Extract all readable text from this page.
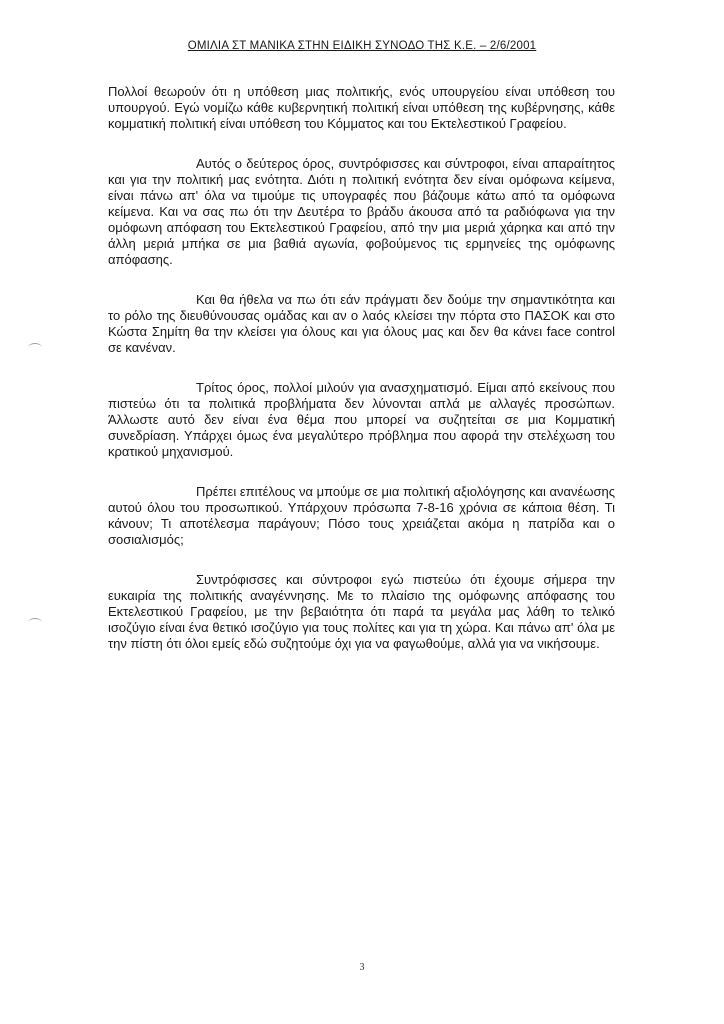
ΟΜΙΛΙΑ ΣΤ ΜΑΝΙΚΑ ΣΤΗΝ ΕΙΔΙΚΗ ΣΥΝΟΔΟ ΤΗΣ Κ.Ε. – 2/6/2001

Πολλοί θεωρούν ότι η υπόθεση μιας πολιτικής, ενός υπουργείου είναι υπόθεση του υπουργού. Εγώ νομίζω κάθε κυβερνητική πολιτική είναι υπόθεση της κυβέρνησης, κάθε κομματική πολιτική είναι υπόθεση του Κόμματος και του Εκτελεστικού Γραφείου.

Αυτός ο δεύτερος όρος, συντρόφισσες και σύντροφοι, είναι απαραίτητος και για την πολιτική μας ενότητα. Διότι η πολιτική ενότητα δεν είναι ομόφωνα κείμενα, είναι πάνω απ' όλα να τιμούμε τις υπογραφές που βάζουμε κάτω από τα ομόφωνα κείμενα. Και να σας πω ότι την Δευτέρα το βράδυ άκουσα από τα ραδιόφωνα για την ομόφωνη απόφαση του Εκτελεστικού Γραφείου, από την μια μεριά χάρηκα και από την άλλη μεριά μπήκα σε μια βαθιά αγωνία, φοβούμενος τις ερμηνείες της ομόφωνης απόφασης.

Και θα ήθελα να πω ότι εάν πράγματι δεν δούμε την σημαντικότητα και το ρόλο της διευθύνουσας ομάδας και αν ο λαός κλείσει την πόρτα στο ΠΑΣΟΚ και στο Κώστα Σημίτη θα την κλείσει για όλους και για όλους μας και δεν θα κάνει face control σε κανέναν.

Τρίτος όρος, πολλοί μιλούν για ανασχηματισμό. Είμαι από εκείνους που πιστεύω ότι τα πολιτικά προβλήματα δεν λύνονται απλά με αλλαγές προσώπων. Άλλωστε αυτό δεν είναι ένα θέμα που μπορεί να συζητείται σε μια Κομματική συνεδρίαση. Υπάρχει όμως ένα μεγαλύτερο πρόβλημα που αφορά την στελέχωση του κρατικού μηχανισμού.

Πρέπει επιτέλους να μπούμε σε μια πολιτική αξιολόγησης και ανανέωσης αυτού όλου του προσωπικού. Υπάρχουν πρόσωπα 7-8-16 χρόνια σε κάποια θέση. Τι κάνουν; Τι αποτέλεσμα παράγουν; Πόσο τους χρειάζεται ακόμα η πατρίδα και ο σοσιαλισμός;

Συντρόφισσες και σύντροφοι εγώ πιστεύω ότι έχουμε σήμερα την ευκαιρία της πολιτικής αναγέννησης. Με το πλαίσιο της ομόφωνης απόφασης του Εκτελεστικού Γραφείου, με την βεβαιότητα ότι παρά τα μεγάλα μας λάθη το τελικό ισοζύγιο είναι ένα θετικό ισοζύγιο για τους πολίτες και για τη χώρα. Και πάνω απ' όλα με την πίστη ότι όλοι εμείς εδώ συζητούμε όχι για να φαγωθούμε, αλλά για να νικήσουμε.

3
